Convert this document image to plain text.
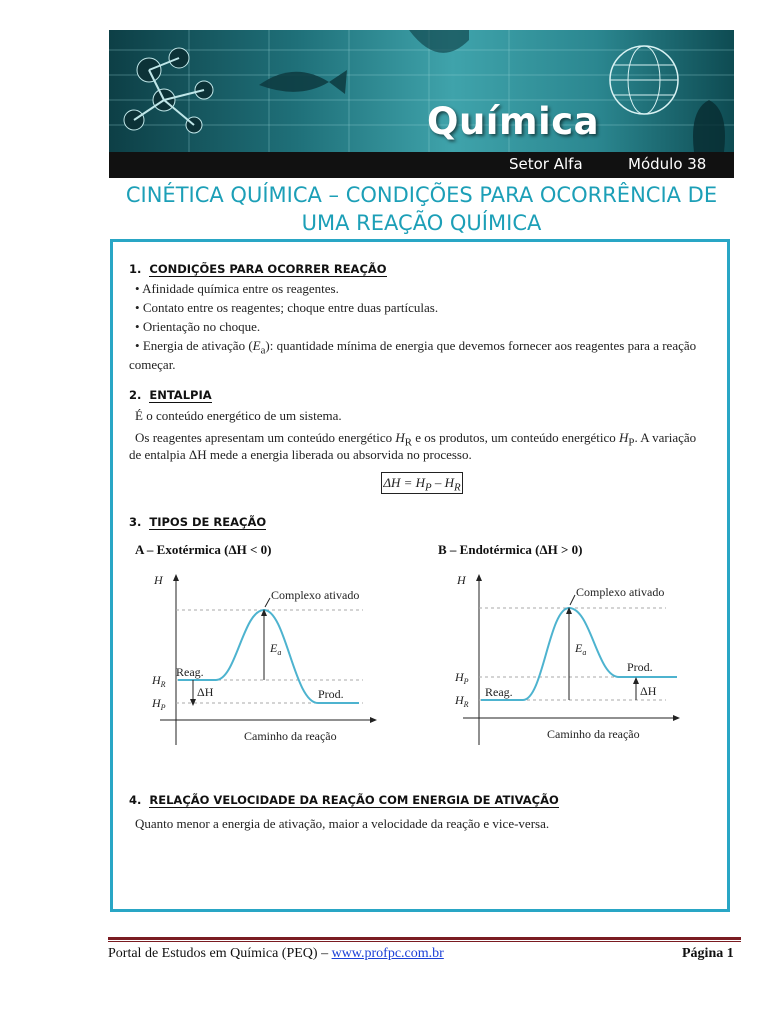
Química
Setor Alfa	Módulo 38
CINÉTICA QUÍMICA – CONDIÇÕES PARA OCORRÊNCIA DE
UMA REAÇÃO QUÍMICA
1. CONDIÇÕES PARA OCORRER REAÇÃO
• Afinidade química entre os reagentes.
• Contato entre os reagentes; choque entre duas partículas.
• Orientação no choque.
• Energia de ativação $(E_a)$: quantidade mínima de energia que devemos fornecer aos reagentes para a reação
começar.
2. ENTALPIA
É o conteúdo energético de um sistema.
Os reagentes apresentam um conteúdo energético $H_R$ e os produtos, um conteúdo energético $H_P$. A variação
de entalpia ΔH mede a energia liberada ou absorvida no processo.
$\Delta H = H_P - H_R$
3. TIPOS DE REAÇÃO
A – Exotérmica (ΔH < 0)	B – Endotérmica (ΔH > 0)
H
Caminho da reação
Complexo ativado
$E_a$
Reag.
Prod.
$H_R$
$H_P$
ΔH
H
Caminho da reação
Complexo ativado
$E_a$
Reag.
Prod.
$H_P$
$H_R$
ΔH
4. RELAÇÃO VELOCIDADE DA REAÇÃO COM ENERGIA DE ATIVAÇÃO
Quanto menor a energia de ativação, maior a velocidade da reação e vice-versa.
Portal de Estudos em Química (PEQ) – www.profpc.com.br	Página 1
